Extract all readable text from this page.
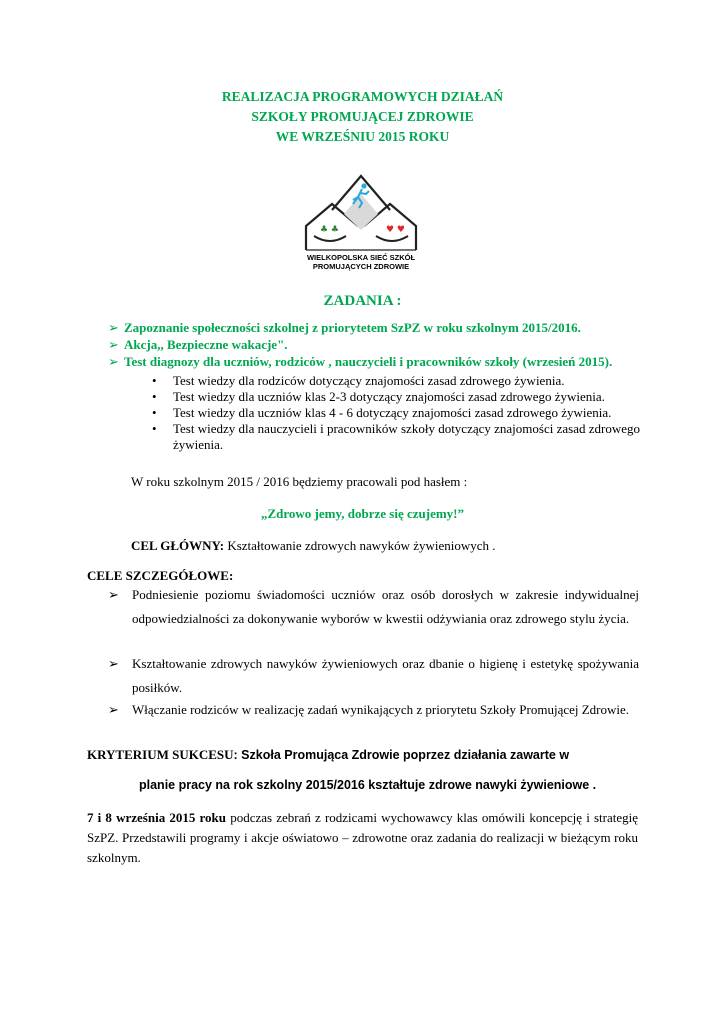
REALIZACJA PROGRAMOWYCH DZIAŁAŃ
SZKOŁY PROMUJĄCEJ ZDROWIE
WE WRZEŚNIU 2015 ROKU
♣ ♣	♥ ♥
WIELKOPOLSKA SIEĆ SZKÓŁ
PROMUJĄCYCH ZDROWIE
ZADANIA :
➢ Zapoznanie społeczności szkolnej z priorytetem SzPZ w roku szkolnym 2015/2016.
➢ Akcja,, Bezpieczne wakacje".
➢ Test diagnozy dla uczniów, rodziców , nauczycieli i pracowników szkoły (wrzesień 2015).
• Test wiedzy dla rodziców dotyczący znajomości zasad zdrowego żywienia.
• Test wiedzy dla uczniów klas 2-3 dotyczący znajomości zasad zdrowego żywienia.
• Test wiedzy dla uczniów klas 4 - 6 dotyczący znajomości zasad zdrowego żywienia.
• Test wiedzy dla nauczycieli i pracowników szkoły dotyczący znajomości zasad zdrowego żywienia.
W roku szkolnym 2015 / 2016 będziemy pracowali pod hasłem :
„Zdrowo jemy, dobrze się czujemy!”
CEL GŁÓWNY: Kształtowanie zdrowych nawyków żywieniowych .
CELE SZCZEGÓŁOWE:
➢ Podniesienie poziomu świadomości uczniów oraz osób dorosłych w zakresie indywidualnej odpowiedzialności za dokonywanie wyborów w kwestii odżywiania oraz zdrowego stylu życia.
➢ Kształtowanie zdrowych nawyków żywieniowych oraz dbanie o higienę i estetykę spożywania posiłków.
➢ Włączanie rodziców w realizację zadań wynikających z priorytetu Szkoły Promującej Zdrowie.
KRYTERIUM SUKCESU: Szkoła Promująca Zdrowie poprzez działania zawarte w
planie pracy na rok szkolny 2015/2016 kształtuje zdrowe nawyki żywieniowe .
7 i 8 września 2015 roku podczas zebrań z rodzicami wychowawcy klas omówili koncepcję i strategię SzPZ. Przedstawili programy i akcje oświatowo – zdrowotne oraz zadania do realizacji w bieżącym roku szkolnym.
